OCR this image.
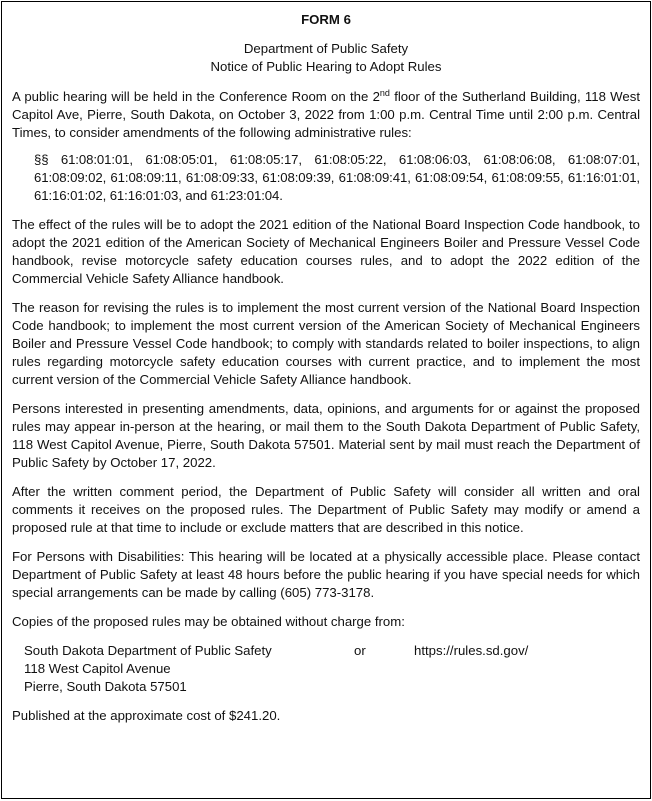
FORM 6
Department of Public Safety
Notice of Public Hearing to Adopt Rules

A public hearing will be held in the Conference Room on the 2nd floor of the Sutherland Building, 118 West Capitol Ave, Pierre, South Dakota, on October 3, 2022 from 1:00 p.m. Central Time until 2:00 p.m. Central Times, to consider amendments of the following administrative rules:

§§ 61:08:01:01, 61:08:05:01, 61:08:05:17, 61:08:05:22, 61:08:06:03, 61:08:06:08, 61:08:07:01, 61:08:09:02, 61:08:09:11, 61:08:09:33, 61:08:09:39, 61:08:09:41, 61:08:09:54, 61:08:09:55, 61:16:01:01, 61:16:01:02, 61:16:01:03, and 61:23:01:04.

The effect of the rules will be to adopt the 2021 edition of the National Board Inspection Code handbook, to adopt the 2021 edition of the American Society of Mechanical Engineers Boiler and Pressure Vessel Code handbook, revise motorcycle safety education courses rules, and to adopt the 2022 edition of the Commercial Vehicle Safety Alliance handbook.

The reason for revising the rules is to implement the most current version of the National Board Inspection Code handbook; to implement the most current version of the American Society of Mechanical Engineers Boiler and Pressure Vessel Code handbook; to comply with standards related to boiler inspections, to align rules regarding motorcycle safety education courses with current practice, and to implement the most current version of the Commercial Vehicle Safety Alliance handbook.

Persons interested in presenting amendments, data, opinions, and arguments for or against the proposed rules may appear in-person at the hearing, or mail them to the South Dakota Department of Public Safety, 118 West Capitol Avenue, Pierre, South Dakota 57501. Material sent by mail must reach the Department of Public Safety by October 17, 2022.

After the written comment period, the Department of Public Safety will consider all written and oral comments it receives on the proposed rules. The Department of Public Safety may modify or amend a proposed rule at that time to include or exclude matters that are described in this notice.

For Persons with Disabilities: This hearing will be located at a physically accessible place. Please contact Department of Public Safety at least 48 hours before the public hearing if you have special needs for which special arrangements can be made by calling (605) 773-3178.

Copies of the proposed rules may be obtained without charge from:

South Dakota Department of Public Safety
118 West Capitol Avenue
Pierre, South Dakota 57501
or	https://rules.sd.gov/

Published at the approximate cost of $241.20.
